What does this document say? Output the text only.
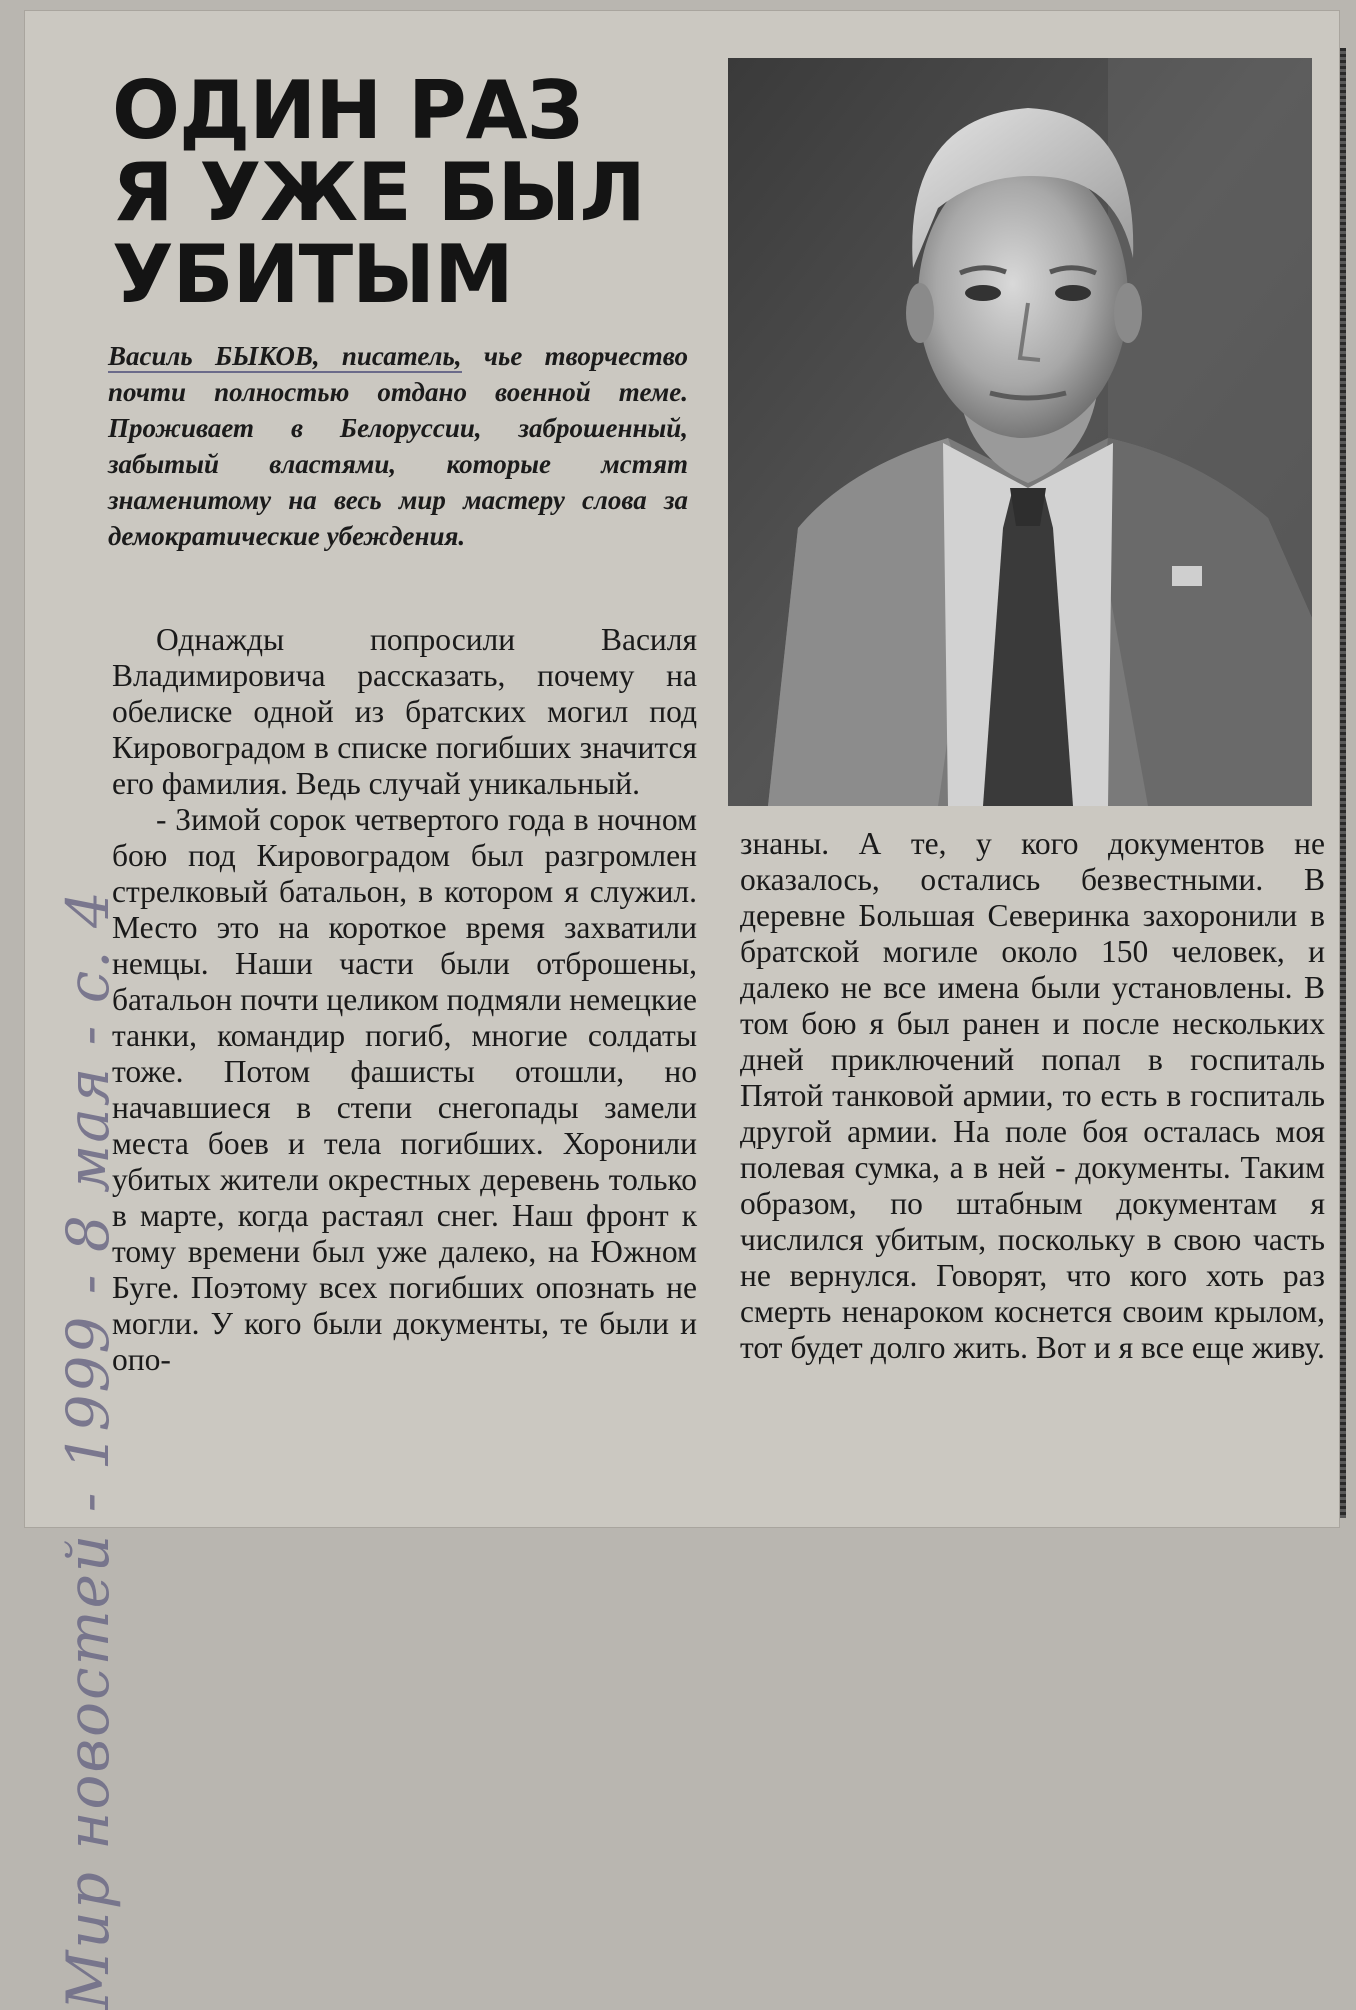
ОДИН РАЗ
Я УЖЕ БЫЛ
УБИТЫМ

Василь БЫКОВ, писатель, чье творчество почти полностью отдано военной теме. Проживает в Белоруссии, заброшенный, забытый властями, которые мстят знаменитому на весь мир мастеру слова за демократические убеждения.

Однажды попросили Василя Владимировича рассказать, почему на обелиске одной из братских могил под Кировоградом в списке погибших значится его фамилия. Ведь случай уникальный.

- Зимой сорок четвертого года в ночном бою под Кировоградом был разгромлен стрелковый батальон, в котором я служил. Место это на короткое время захватили немцы. Наши части были отброшены, батальон почти целиком подмяли немецкие танки, командир погиб, многие солдаты тоже. Потом фашисты отошли, но начавшиеся в степи снегопады замели места боев и тела погибших. Хоронили убитых жители окрестных деревень только в марте, когда растаял снег. Наш фронт к тому времени был уже далеко, на Южном Буге. Поэтому всех погибших опознать не могли. У кого были документы, те были и опо-

знаны. А те, у кого документов не оказалось, остались безвестными. В деревне Большая Северинка захоронили в братской могиле около 150 человек, и далеко не все имена были установлены. В том бою я был ранен и после нескольких дней приключений попал в госпиталь Пятой танковой армии, то есть в госпиталь другой армии. На поле боя осталась моя полевая сумка, а в ней - документы. Таким образом, по штабным документам я числился убитым, поскольку в свою часть не вернулся. Говорят, что кого хоть раз смерть ненароком коснется своим крылом, тот будет долго жить. Вот и я все еще живу.

Мир новостей - 1999 - 8 мая - с. 4
